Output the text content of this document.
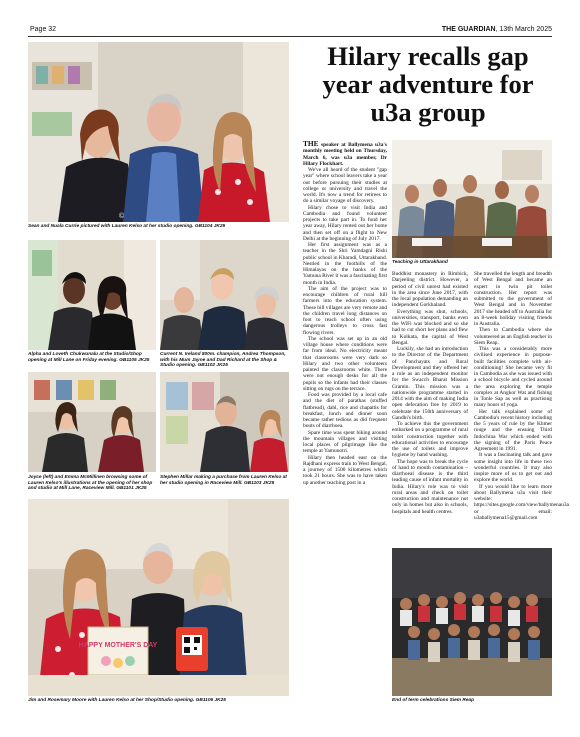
Page 32	THE GUARDIAN, 13th March 2025
©
Sean and Nuala Currie pictured with Lauren Kelso at her studio opening. GB1104 JK25
Alpha and Loveth Chukwunalu at the Studio/Shop opening at Mill Lane on Friday evening. GB1105 JK25
Current N. Ireland 800m. champion, Andrea Thompson, with his Mum Jayne and Dad Richard at the Shop & Studio opening. GB1102 JK25
Joyce (left) and Emma McMillinen browsing some of Lauren Kelso's illustrations at the opening of her shop and studio at Mill Lane, Raceview Mill. GB1101 JK25
Stephen Millar making a purchase from Lauren Kelso at her studio opening in Raceview Mill. GB1103 JK25
HAPPY MOTHER'S DAY
Jim and Rosemary Moore with Lauren Kelso at her Shop/Studio opening. GB1106 JK25
Hilary recalls gap year adventure for u3a group

THE speaker at Ballymena u3a's monthly meeting held on Thursday, March 6, was u3a member, Dr Hilary Flockhart.

We've all heard of the student "gap year" where school leavers take a year out before pursuing their studies at college or university and travel the world. It's now a trend for retirees to do a similar voyage of discovery.

Hilary chose to visit India and Cambodia and found volunteer projects to take part in. To fund her year away, Hilary rented out her home and then set off on a flight to New Delhi at the beginning of July 2017.

Her first assignment was as a teacher in the Shri Yamdagni Rishi public school in Kharadi, Uttarakhand. Nestled in the foothills of the Himalayas on the banks of the Yamuna River it was a fascinating first month in India.

The aim of the project was to encourage children of rural hill farmers into the education system. These hill villages are very remote and the children travel long distances on foot to reach school often using dangerous trolleys to cross fast flowing rivers.

The school was set up in an old village house where conditions were far from ideal. No electricity meant that classrooms were very dark so Hilary and two other volunteers painted the classrooms white. There were not enough desks for all the pupils so the infants had their classes sitting on rugs on the terrace.

Food was provided by a local cafe and the diet of parathas (stuffed flatbread), dahl, rice and chapattis for breakfast, lunch and dinner soon became rather tedious as did frequent bouts of diarrhoea.

Spare time was spent hiking around the mountain villages and visiting local places of pilgrimage like the temple at Yamunotri.

Hilary then headed east on the Rajdhani express train to West Bengal, a journey of 1500 kilometres which took 21 hours. She was to have taken up another teaching post in a

Teaching in Uttarakhand

Buddhist monastery in Rimbick, Darjeeling district. However, a period of civil unrest had existed in the area since June 2017, with the local population demanding an independent Gorkhaland.

Everything was shut, schools, universities, transport, banks even the WiFi was blocked and so she had to cut short her plans and flew to Kolkata, the capital of West Bengal.

Luckily, she had an introduction to the Director of the Department of Panchayats and Rural Development and they offered her a role as an independent monitor for the Swacch Bharat Mission Gramin. This mission was a nationwide programme started in 2014 with the aim of making India open defecation free by 2019 to celebrate the 150th anniversary of Gandhi's birth.

To achieve this the government embarked on a programme of rural toilet construction together with educational activities to encourage the use of toilets and improve hygiene by hand washing.

The hope was to break the cycle of hand to mouth contamination – diarrhoeal disease is the third leading cause of infant mortality in India. Hilary's role was to visit rural areas and check on toilet construction and maintenance not only in homes but also in schools, hospitals and health centres.

She travelled the length and breadth of West Bengal and became an expert in twin pit toilet construction. Her report was submitted to the government of West Bengal and in November 2017 she headed off to Australia for an 8-week holiday visiting friends in Australia.

Then to Cambodia where she volunteered as an English teacher in Siem Reap.

This was a considerably more civilised experience in purpose-built facilities complete with air-conditioning! She became very fit in Cambodia as she was issued with a school bicycle and cycled around the area exploring the temple complex at Angkor Wat and fishing in Tonle Sap as well as practising many hours of yoga.

Her talk explained some of Cambodia's recent history including the 5 years of rule by the Khmer rouge and the ensuing Third Indochina War which ended with the signing of the Paris Peace Agreement in 1991.

It was a fascinating talk and gave some insight into life in these two wonderful countries. It may also inspire more of us to get out and explore the world.

If you would like to learn more about Ballymena u3a visit their website: https://sites.google.com/view/ballymenau3a or email: u3aballymena15@gmail.com

End of term celebrations Siem Reap
